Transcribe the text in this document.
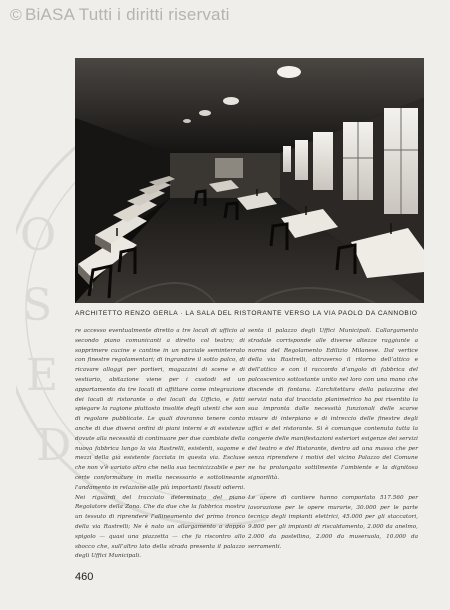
© BiASA Tutti i diritti riservati
O
S
E
D
ARCHITETTO RENZO GERLA · LA SALA DEL RISTORANTE VERSO LA VIA PAOLO DA CANNOBIO

re accesso eventualmente diretto a tre locali di ufficio al secondo piano comunicanti a diretto col teatro; di sopprimere cucine e cantine in un parziale seminterrato con finestre regolamentari; di ingrandire il sotto palco, di ricavare alloggi per portieri, magazzini di scene e di vestiario, abitazione viene per i custodi ed un appartamento da tre locali di affittare come integrazione dei locali di ristorante o dei locali da Ufficio, e fatti spiegare la ragione piuttosto insolite degli utenti che son di regolare pubblicate. Le quali dovranno tenere conto anche di due diversi ordini di piani interni e di esistenze dovute alla necessità di continuare per due cambiate della nuova fabbrica lungo la via Rastrelli, esistenti, sagome e mezzi della già esistente facciata in questa via. Escluse che non v’è variato altro che nella sua tecnicizzabile e per certe conformature in mella necessario e sottolineante l'andamento in relazione alle più importanti fissati odierni. Nei riguardi del tracciato determinato del piano Regolatore della Zona. Che da due che la fabbrica mostra un tessuto di riprendere l’allineamento del primo tronco della via Rastrelli; Ne è nato un allargamento a doppio spigolo — quasi una piazzetta — che fa riscontro allo sbocco che, sull’altro lato della strada presenta il palazzo degli Uffici Municipali.

senta il palazzo degli Uffici Municipali. L’allargamento stradale corrisponde alle diverse altezze raggiunte a norma del Regolamento Edilizio Milanese. Dal vertice della via Rastrelli, attraverso il ritorno dell’attico e dell’attico e con il raccordo d’angolo di fabbrica del palcoscenico sottostante unito nel loro con una mano che discende di fontana. L’architettura della palazzina dei servizi nata dal tracciato planimetrico ha poi risentito la sua impronta dalle necessità funzionali delle scarse misure di interpiano e di intreccio delle finestre degli uffici e del ristorante. Si è comunque contenuta tutta la congerie delle manifestazioni esteriori esigenze dei servizi del teatro e del Ristorante, dentro ad una massa che per senza riprendere i motivi del vicino Palazzo del Comune ne ha prolungato sottilmente l’ambiente e la dignitosa signorilità.

Le opere di cantiere hanno comportato 517.560 per lavorazione per le opere murarie, 30.000 per le parte tecnica degli impianti elettrici, 45.000 per gli staccatori, 9.800 per gli impianti di riscaldamento, 2.000 da anelmo, 2.000 da pastellina, 2.000 da museruola, 10.000 da serramenti.

460
